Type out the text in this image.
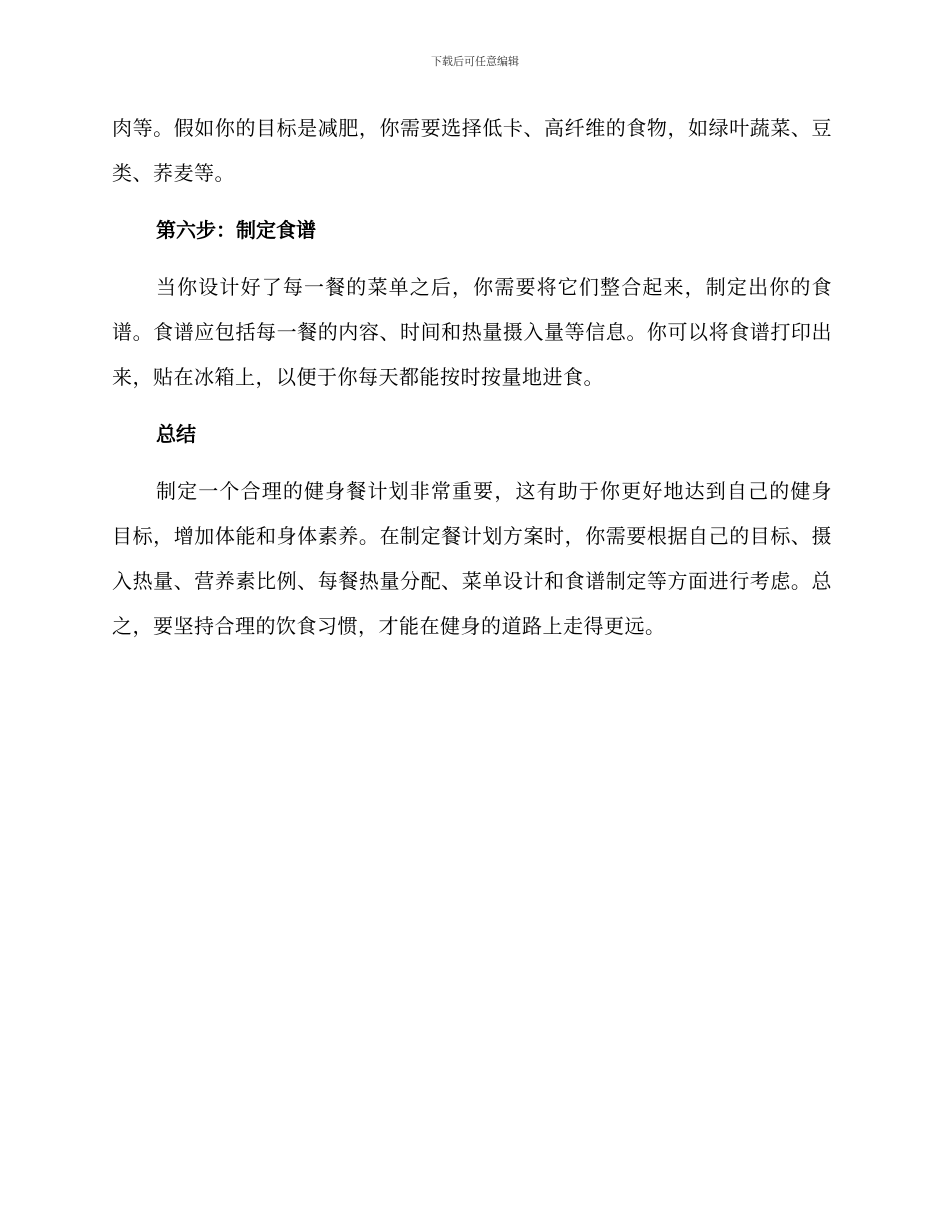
下载后可任意编辑

肉等。假如你的目标是减肥，你需要选择低卡、高纤维的食物，如绿叶蔬菜、豆类、荞麦等。

第六步：制定食谱

当你设计好了每一餐的菜单之后，你需要将它们整合起来，制定出你的食谱。食谱应包括每一餐的内容、时间和热量摄入量等信息。你可以将食谱打印出来，贴在冰箱上，以便于你每天都能按时按量地进食。

总结

制定一个合理的健身餐计划非常重要，这有助于你更好地达到自己的健身目标，增加体能和身体素养。在制定餐计划方案时，你需要根据自己的目标、摄入热量、营养素比例、每餐热量分配、菜单设计和食谱制定等方面进行考虑。总之，要坚持合理的饮食习惯，才能在健身的道路上走得更远。
